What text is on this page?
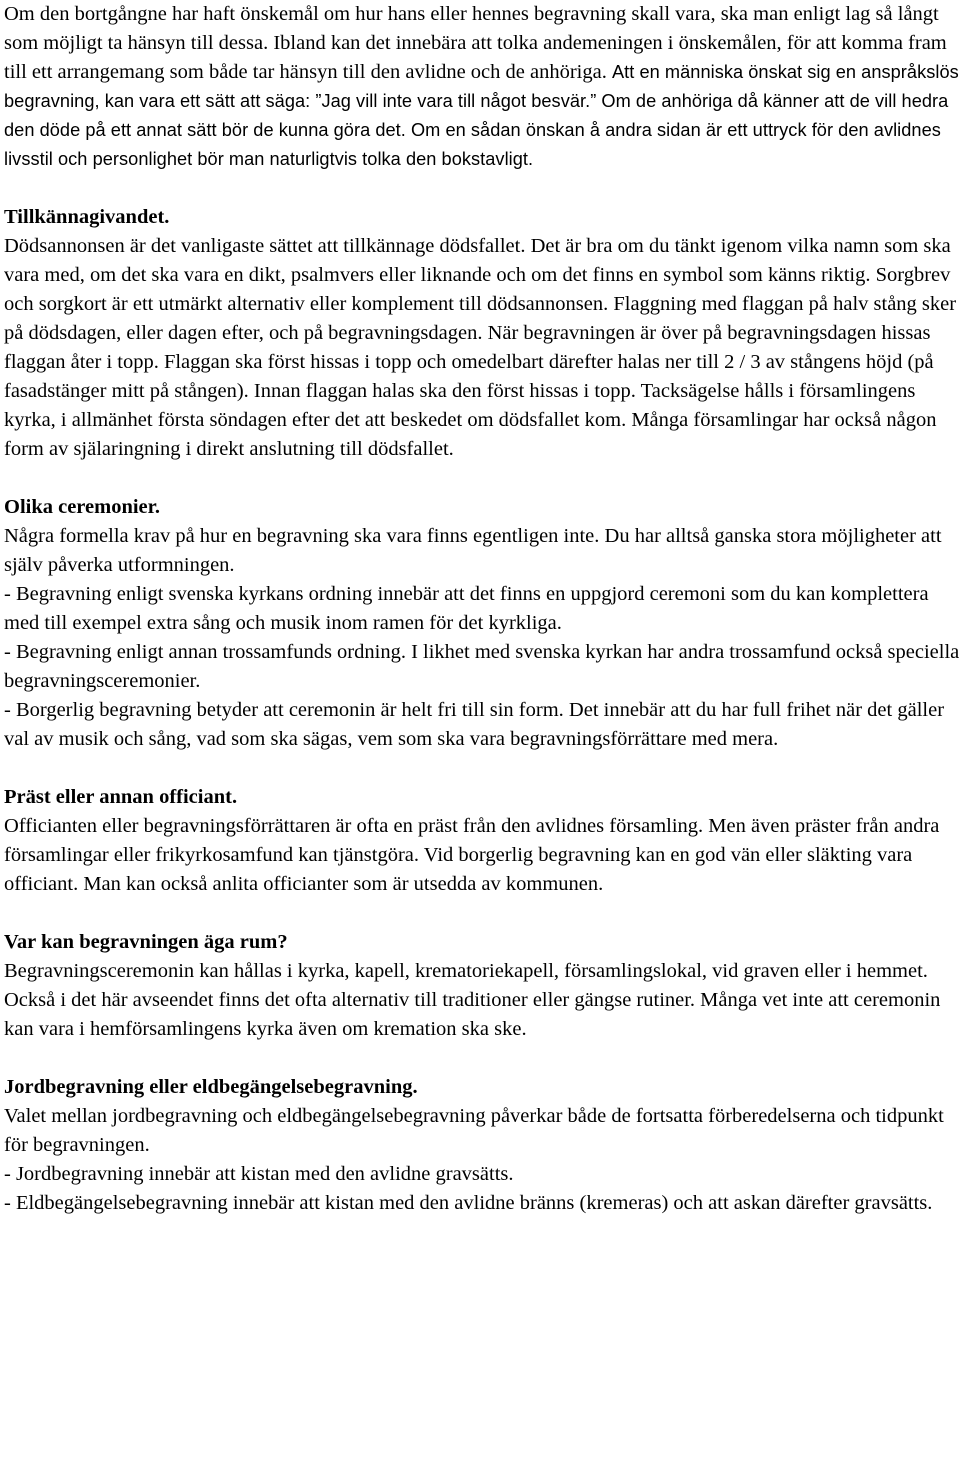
Om den bortgångne har haft önskemål om hur hans eller hennes begravning skall vara, ska man enligt lag så långt som möjligt ta hänsyn till dessa. Ibland kan det innebära att tolka andemeningen i önskemålen, för att komma fram till ett arrangemang som både tar hänsyn till den avlidne och de anhöriga. Att en människa önskat sig en anspråkslös begravning, kan vara ett sätt att säga: ”Jag vill inte vara till något besvär.” Om de anhöriga då känner att de vill hedra den döde på ett annat sätt bör de kunna göra det. Om en sådan önskan å andra sidan är ett uttryck för den avlidnes livsstil och personlighet bör man naturligtvis tolka den bokstavligt.

Tillkännagivandet.
Dödsannonsen är det vanligaste sättet att tillkännage dödsfallet. Det är bra om du tänkt igenom vilka namn som ska vara med, om det ska vara en dikt, psalmvers eller liknande och om det finns en symbol som känns riktig. Sorgbrev och sorgkort är ett utmärkt alternativ eller komplement till dödsannonsen. Flaggning med flaggan på halv stång sker på dödsdagen, eller dagen efter, och på begravningsdagen. När begravningen är över på begravningsdagen hissas flaggan åter i topp. Flaggan ska först hissas i topp och omedelbart därefter halas ner till 2 / 3 av stångens höjd (på fasadstänger mitt på stången). Innan flaggan halas ska den först hissas i topp. Tacksägelse hålls i församlingens kyrka, i allmänhet första söndagen efter det att beskedet om dödsfallet kom. Många församlingar har också någon form av själaringning i direkt anslutning till dödsfallet.
Olika ceremonier.
Några formella krav på hur en begravning ska vara finns egentligen inte. Du har alltså ganska stora möjligheter att själv påverka utformningen.
- Begravning enligt svenska kyrkans ordning innebär att det finns en uppgjord ceremoni som du kan komplettera med till exempel extra sång och musik inom ramen för det kyrkliga.
- Begravning enligt annan trossamfunds ordning. I likhet med svenska kyrkan har andra trossamfund också speciella begravningsceremonier.
- Borgerlig begravning betyder att ceremonin är helt fri till sin form. Det innebär att du har full frihet när det gäller val av musik och sång, vad som ska sägas, vem som ska vara begravningsförrättare med mera.
Präst eller annan officiant.
Officianten eller begravningsförrättaren är ofta en präst från den avlidnes församling. Men även präster från andra församlingar eller frikyrkosamfund kan tjänstgöra. Vid borgerlig begravning kan en god vän eller släkting vara officiant. Man kan också anlita officianter som är utsedda av kommunen.
Var kan begravningen äga rum?
Begravningsceremonin kan hållas i kyrka, kapell, krematoriekapell, församlingslokal, vid graven eller i hemmet. Också i det här avseendet finns det ofta alternativ till traditioner eller gängse rutiner. Många vet inte att ceremonin kan vara i hemförsamlingens kyrka även om kremation ska ske.
Jordbegravning eller eldbegängelsebegravning.
Valet mellan jordbegravning och eldbegängelsebegravning påverkar både de fortsatta förberedelserna och tidpunkt för begravningen.
- Jordbegravning innebär att kistan med den avlidne gravsätts.
- Eldbegängelsebegravning innebär att kistan med den avlidne bränns (kremeras) och att askan därefter gravsätts.
